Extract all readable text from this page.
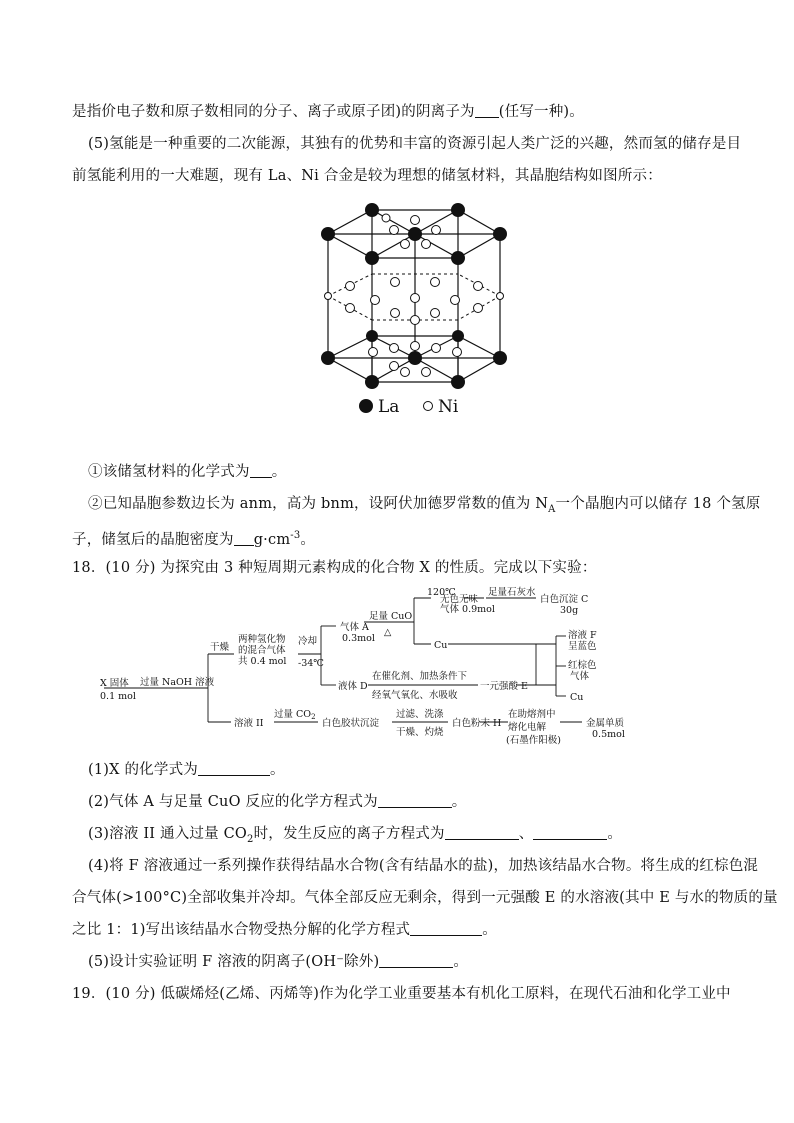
是指价电子数和原子数相同的分子、离子或原子团)的阴离子为 (任写一种)。
(5)氢能是一种重要的二次能源，其独有的优势和丰富的资源引起人类广泛的兴趣，然而氢的储存是目
前氢能利用的一大难题，现有 La、Ni 合金是较为理想的储氢材料，其晶胞结构如图所示：
La Ni
①该储氢材料的化学式为 。
②已知晶胞参数边长为 anm，高为 bnm，设阿伏加德罗常数的值为 $N_A$一个晶胞内可以储存 18 个氢原
子，储氢后的晶胞密度为 $g\cdot cm^{-3}$。
18．(10 分) 为探究由 3 种短周期元素构成的化合物 X 的性质。完成以下实验：
X 固体
0.1 mol
过量 NaOH 溶液
干燥
两种氢化物
的混合气体
共 0.4 mol
冷却
-34℃
气体 A
0.3mol
足量 CuO
△
120℃
无色无味
气体 0.9mol
足量石灰水
白色沉淀 C
30g
Cu
液体 D
在催化剂、加热条件下
经氧气氧化、水吸收
一元强酸 E
溶液 F
呈蓝色
红棕色
气体
Cu
溶液 II
过量 $CO_2$
白色胶状沉淀
过滤、洗涤
干燥、灼烧
白色粉末 H
在助熔剂中
熔化电解
(石墨作阳极)
金属单质
0.5mol
(1)X 的化学式为	。
(2)气体 A 与足量 CuO 反应的化学方程式为	。
(3)溶液 II 通入过量 $CO_2$时，发生反应的离子方程式为	、	。
(4)将 F 溶液通过一系列操作获得结晶水合物(含有结晶水的盐)，加热该结晶水合物。将生成的红棕色混
合气体(>100°C)全部收集并冷却。气体全部反应无剩余，得到一元强酸 E 的水溶液(其中 E 与水的物质的量
之比 1：1)写出该结晶水合物受热分解的化学方程式	。
(5)设计实验证明 F 溶液的阴离子(OH⁻除外)	。
19．(10 分) 低碳烯烃(乙烯、丙烯等)作为化学工业重要基本有机化工原料，在现代石油和化学工业中
